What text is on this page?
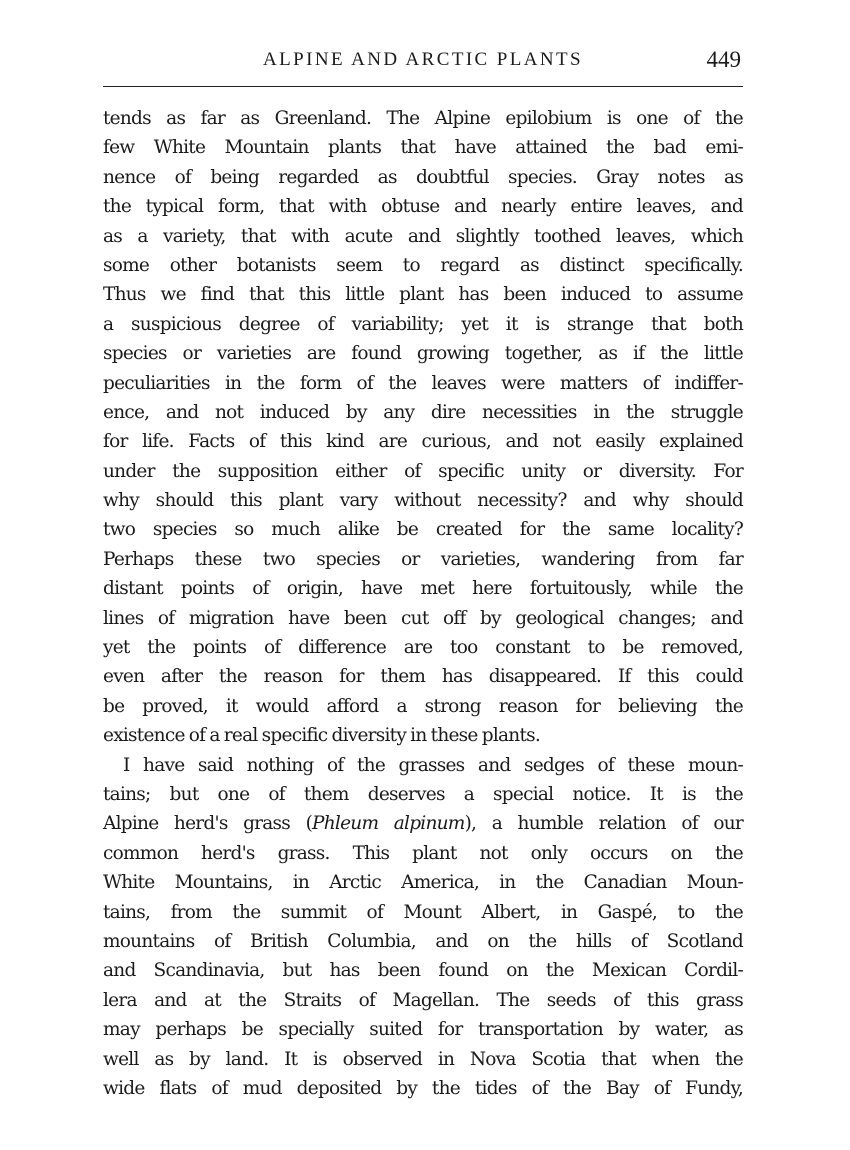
ALPINE AND ARCTIC PLANTS	449
tends as far as Greenland. The Alpine epilobium is one of the
few White Mountain plants that have attained the bad emi-
nence of being regarded as doubtful species. Gray notes as
the typical form, that with obtuse and nearly entire leaves, and
as a variety, that with acute and slightly toothed leaves, which
some other botanists seem to regard as distinct specifically.
Thus we find that this little plant has been induced to assume
a suspicious degree of variability; yet it is strange that both
species or varieties are found growing together, as if the little
peculiarities in the form of the leaves were matters of indiffer-
ence, and not induced by any dire necessities in the struggle
for life. Facts of this kind are curious, and not easily explained
under the supposition either of specific unity or diversity. For
why should this plant vary without necessity? and why should
two species so much alike be created for the same locality?
Perhaps these two species or varieties, wandering from far
distant points of origin, have met here fortuitously, while the
lines of migration have been cut off by geological changes; and
yet the points of difference are too constant to be removed,
even after the reason for them has disappeared. If this could
be proved, it would afford a strong reason for believing the
existence of a real specific diversity in these plants.
I have said nothing of the grasses and sedges of these moun-
tains; but one of them deserves a special notice. It is the
Alpine herd's grass (Phleum alpinum), a humble relation of our
common herd's grass. This plant not only occurs on the
White Mountains, in Arctic America, in the Canadian Moun-
tains, from the summit of Mount Albert, in Gaspé, to the
mountains of British Columbia, and on the hills of Scotland
and Scandinavia, but has been found on the Mexican Cordil-
lera and at the Straits of Magellan. The seeds of this grass
may perhaps be specially suited for transportation by water, as
well as by land. It is observed in Nova Scotia that when the
wide flats of mud deposited by the tides of the Bay of Fundy,
